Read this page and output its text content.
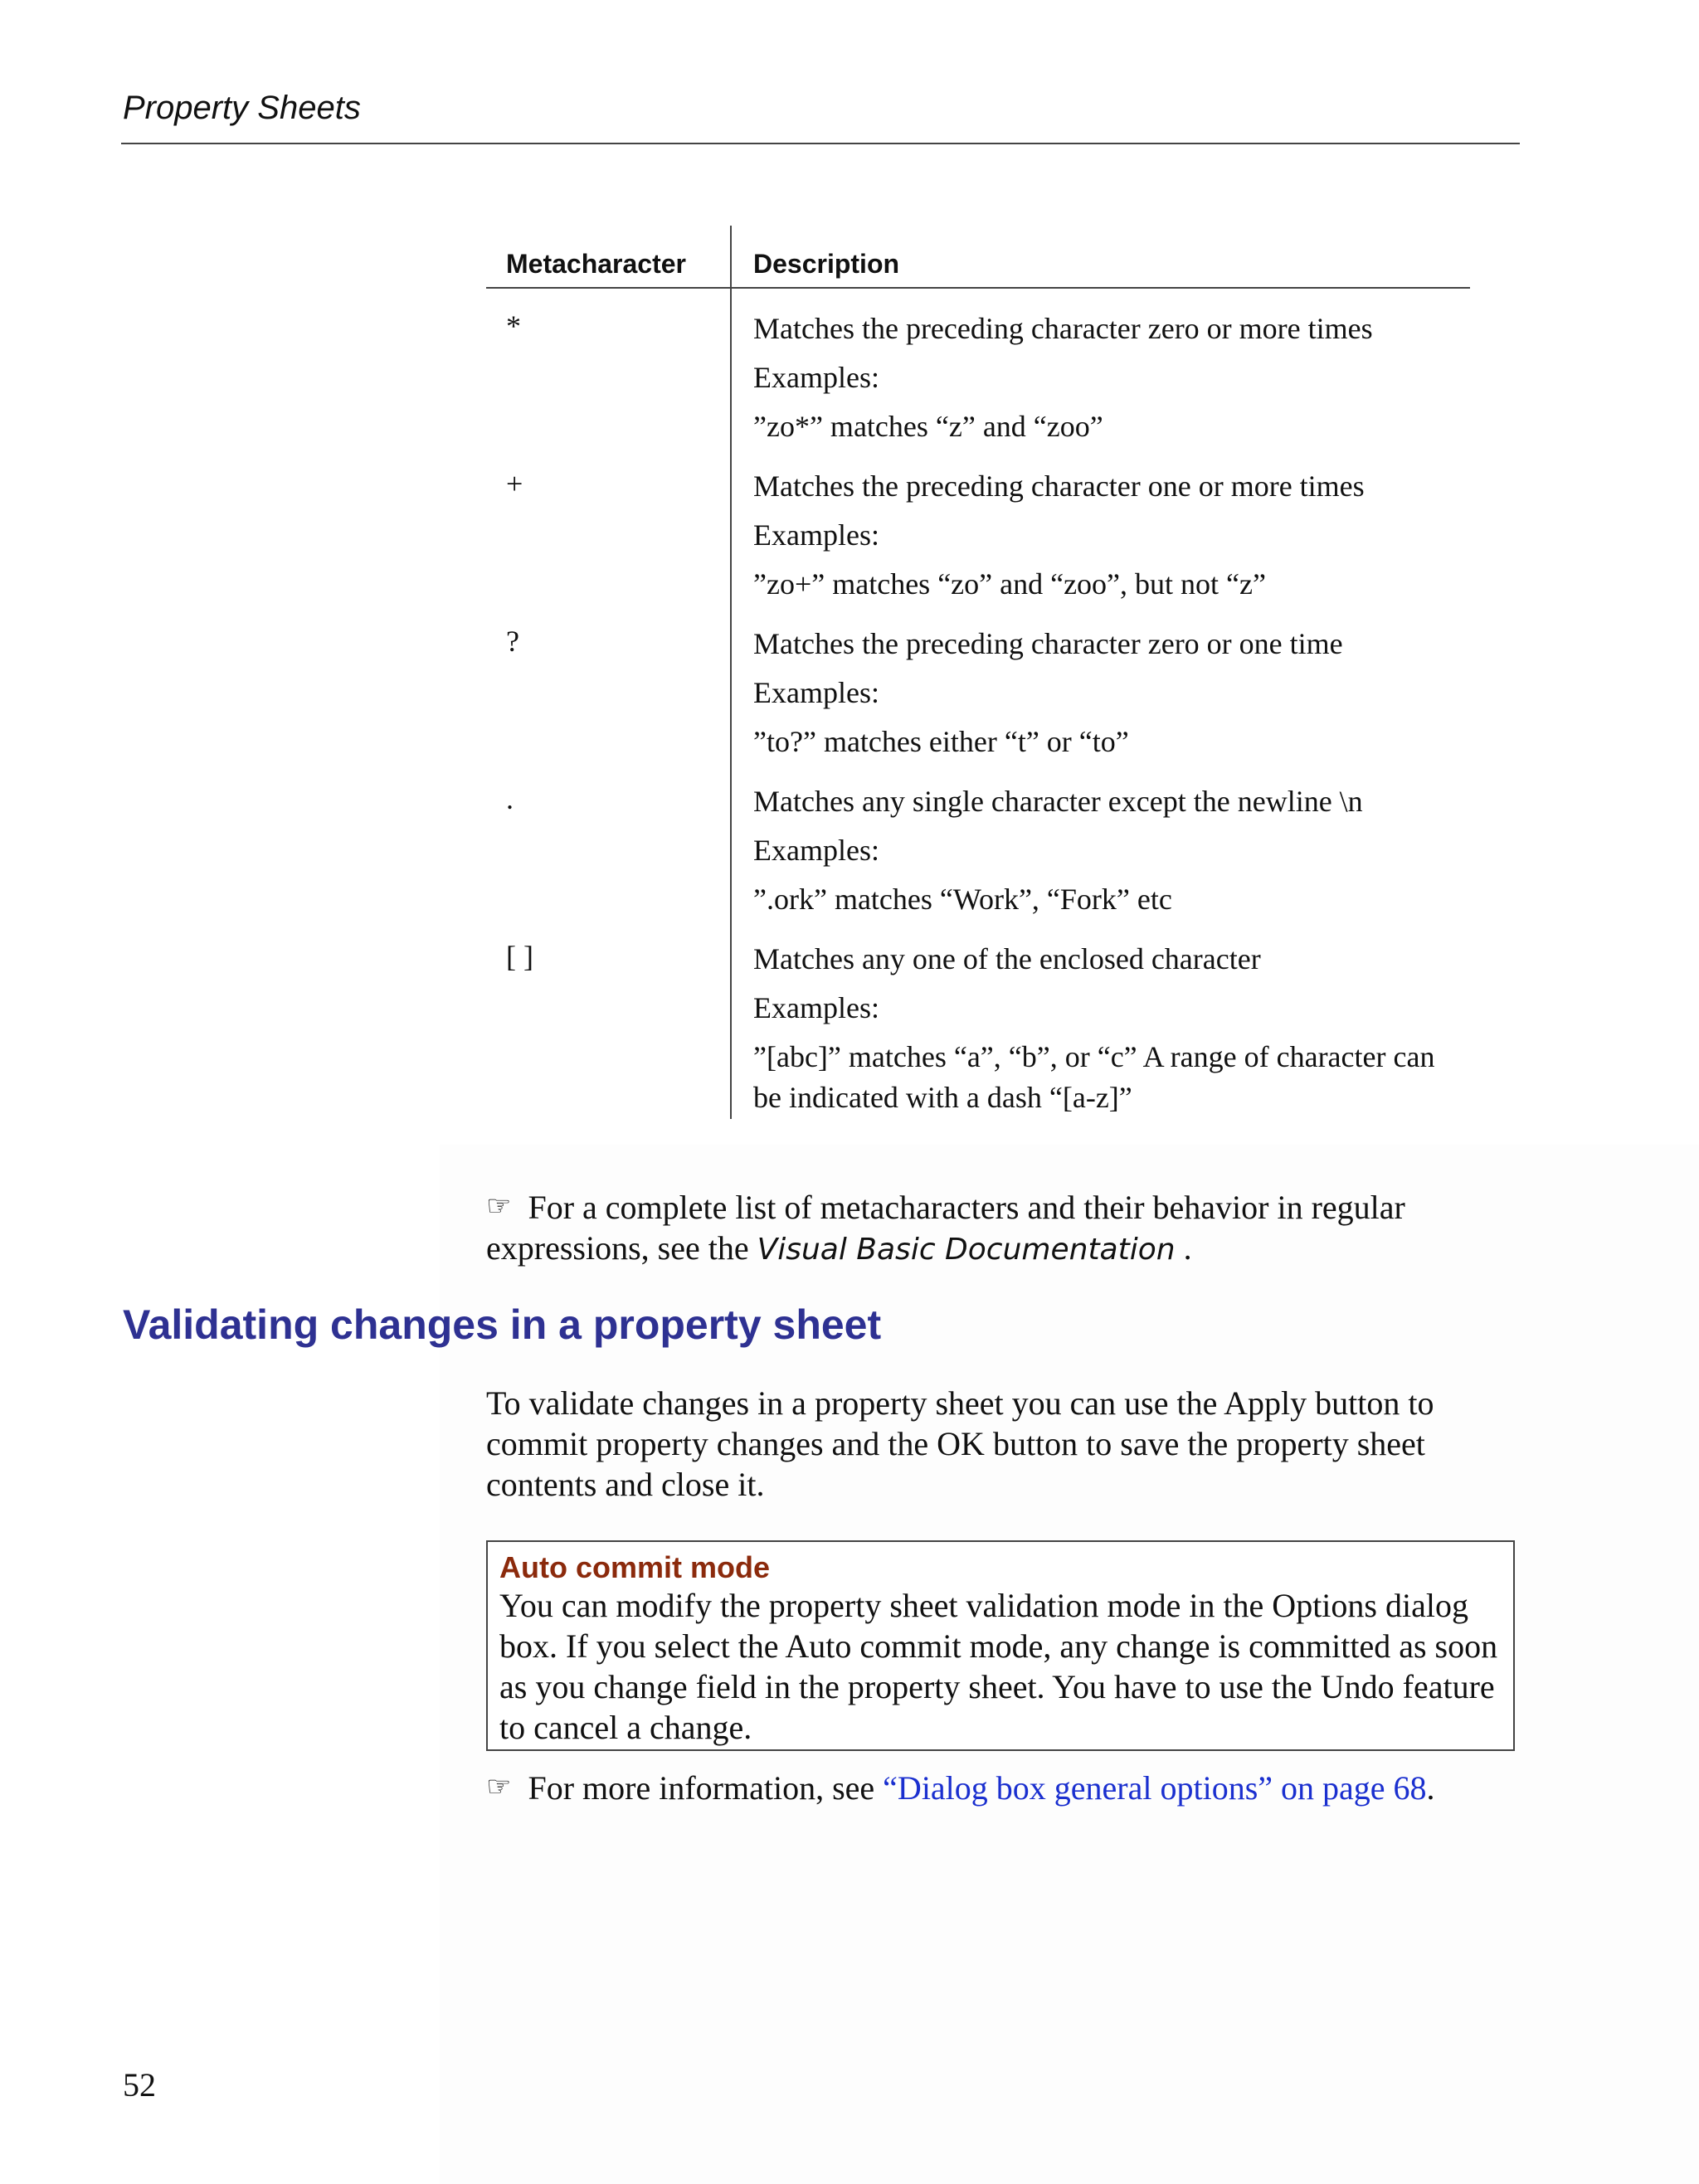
Property Sheets
Metacharacter	Description
*	Matches the preceding character zero or more times
Examples:
”zo*” matches “z” and “zoo”
+	Matches the preceding character one or more times
Examples:
”zo+” matches “zo” and “zoo”, but not “z”
?	Matches the preceding character zero or one time
Examples:
”to?” matches either “t” or “to”
.	Matches any single character except the newline \n
Examples:
”.ork” matches “Work”, “Fork” etc
[ ]	Matches any one of the enclosed character
Examples:
”[abc]” matches “a”, “b”, or “c” A range of character can be indicated with a dash “[a-z]”
☞ For a complete list of metacharacters and their behavior in regular expressions, see the Visual Basic Documentation .
Validating changes in a property sheet
To validate changes in a property sheet you can use the Apply button to commit property changes and the OK button to save the property sheet contents and close it.
Auto commit mode
You can modify the property sheet validation mode in the Options dialog box. If you select the Auto commit mode, any change is committed as soon as you change field in the property sheet. You have to use the Undo feature to cancel a change.
☞ For more information, see “Dialog box general options” on page 68.
52
